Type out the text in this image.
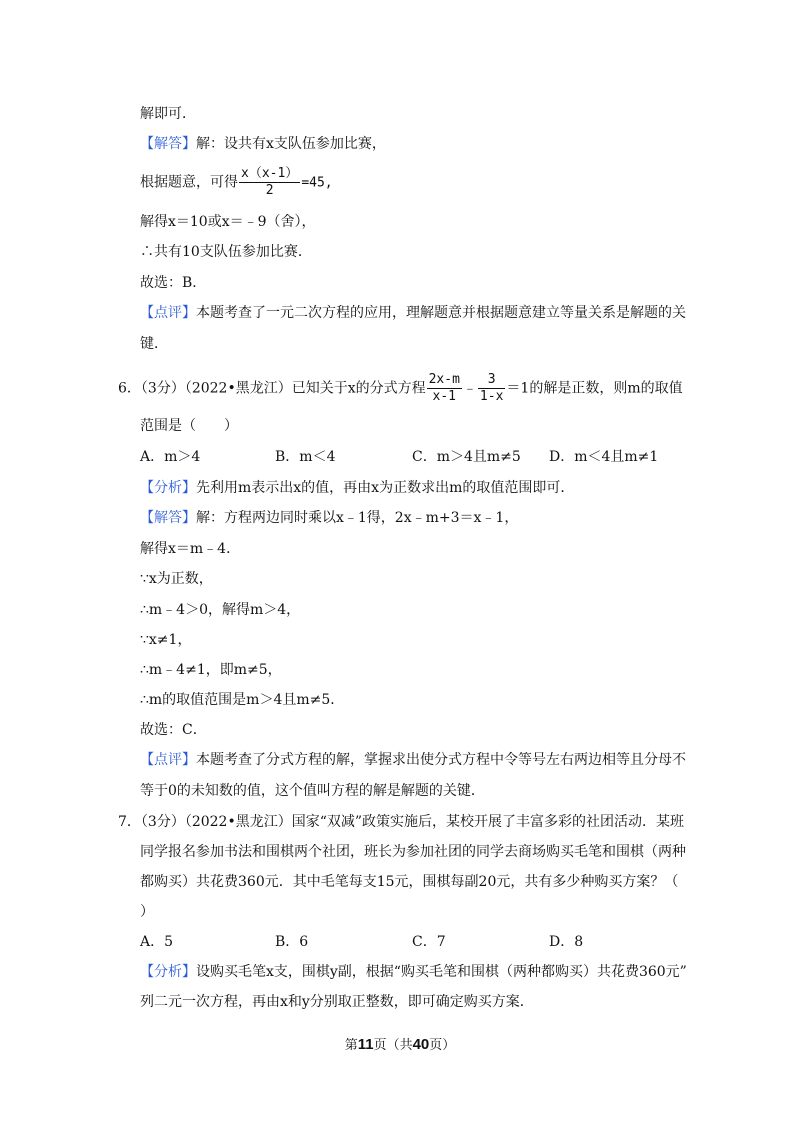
解即可．
【解答】解：设共有x支队伍参加比赛，
根据题意，可得 $\frac{x(x-1)}{2} =45$,
解得x＝10或x＝﹣9（舍），
∴共有10支队伍参加比赛．
故选：B．
【点评】本题考查了一元二次方程的应用，理解题意并根据题意建立等量关系是解题的关
键．
6．（3分）（2022•黑龙江）已知关于x的分式方程 $\frac{2x-m}{x-1}$ ﹣ $\frac{3}{1-x} =1$的解是正数，则m的取值
范围是（　　）
A．m＞4	B．m＜4	C．m＞4且m≠5 D．m＜4且m≠1
【分析】先利用m表示出x的值，再由x为正数求出m的取值范围即可．
【解答】解：方程两边同时乘以x﹣1得，2x﹣m+3＝x﹣1，
解得x＝m﹣4．
∵x为正数，
∴m﹣4＞0，解得m＞4，
∵x≠1，
∴m﹣4≠1，即m≠5，
∴m的取值范围是m＞4且m≠5．
故选：C．
【点评】本题考查了分式方程的解，掌握求出使分式方程中令等号左右两边相等且分母不
等于0的未知数的值，这个值叫方程的解是解题的关键．
7．（3分）（2022•黑龙江）国家“双减”政策实施后，某校开展了丰富多彩的社团活动．某班
同学报名参加书法和围棋两个社团，班长为参加社团的同学去商场购买毛笔和围棋（两种
都购买）共花费360元．其中毛笔每支15元，围棋每副20元，共有多少种购买方案？（
）
A．5	B．6	C．7	D．8
【分析】设购买毛笔x支，围棋y副，根据“购买毛笔和围棋（两种都购买）共花费360元”
列二元一次方程，再由x和y分别取正整数，即可确定购买方案．
第11页（共40页）
